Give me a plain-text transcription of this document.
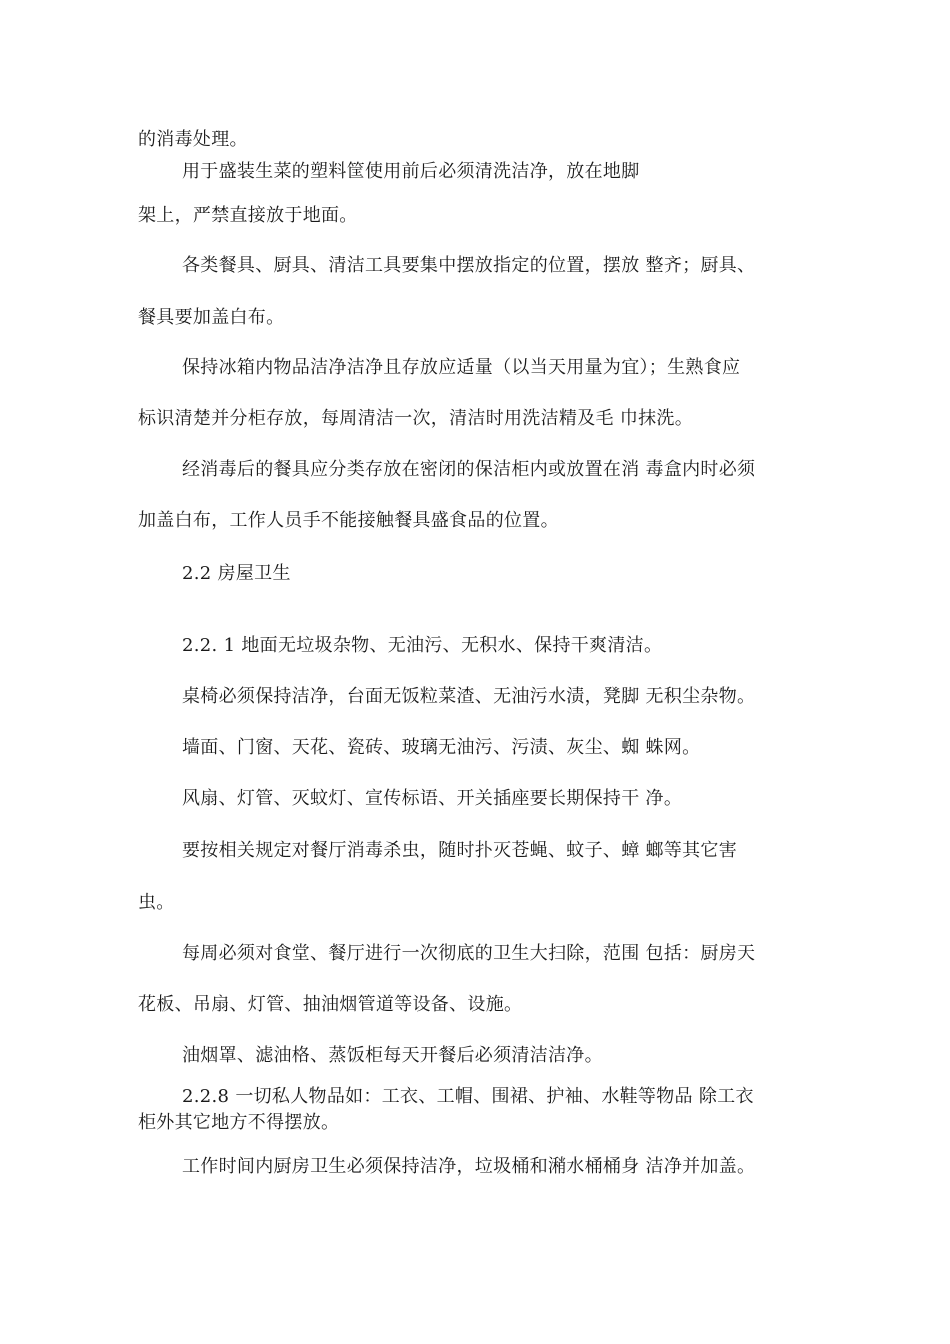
的消毒处理。
用于盛装生菜的塑料筐使用前后必须清洗洁净，放在地脚
架上，严禁直接放于地面。
各类餐具、厨具、清洁工具要集中摆放指定的位置，摆放 整齐；厨具、
餐具要加盖白布。
保持冰箱内物品洁净洁净且存放应适量（以当天用量为宜）；生熟食应
标识清楚并分柜存放，每周清洁一次，清洁时用洗洁精及毛 巾抹洗。
经消毒后的餐具应分类存放在密闭的保洁柜内或放置在消 毒盒内时必须
加盖白布，工作人员手不能接触餐具盛食品的位置。
2.2 房屋卫生
2.2. 1 地面无垃圾杂物、无油污、无积水、保持干爽清洁。
桌椅必须保持洁净，台面无饭粒菜渣、无油污水渍，凳脚 无积尘杂物。
墙面、门窗、天花、瓷砖、玻璃无油污、污渍、灰尘、蜘 蛛网。
风扇、灯管、灭蚊灯、宣传标语、开关插座要长期保持干 净。
要按相关规定对餐厅消毒杀虫，随时扑灭苍蝇、蚊子、蟑 螂等其它害
虫。
每周必须对食堂、餐厅进行一次彻底的卫生大扫除，范围 包括：厨房天
花板、吊扇、灯管、抽油烟管道等设备、设施。
油烟罩、滤油格、蒸饭柜每天开餐后必须清洁洁净。
2.2.8 一切私人物品如：工衣、工帽、围裙、护袖、水鞋等物品 除工衣
柜外其它地方不得摆放。
工作时间内厨房卫生必须保持洁净，垃圾桶和潲水桶桶身 洁净并加盖。
